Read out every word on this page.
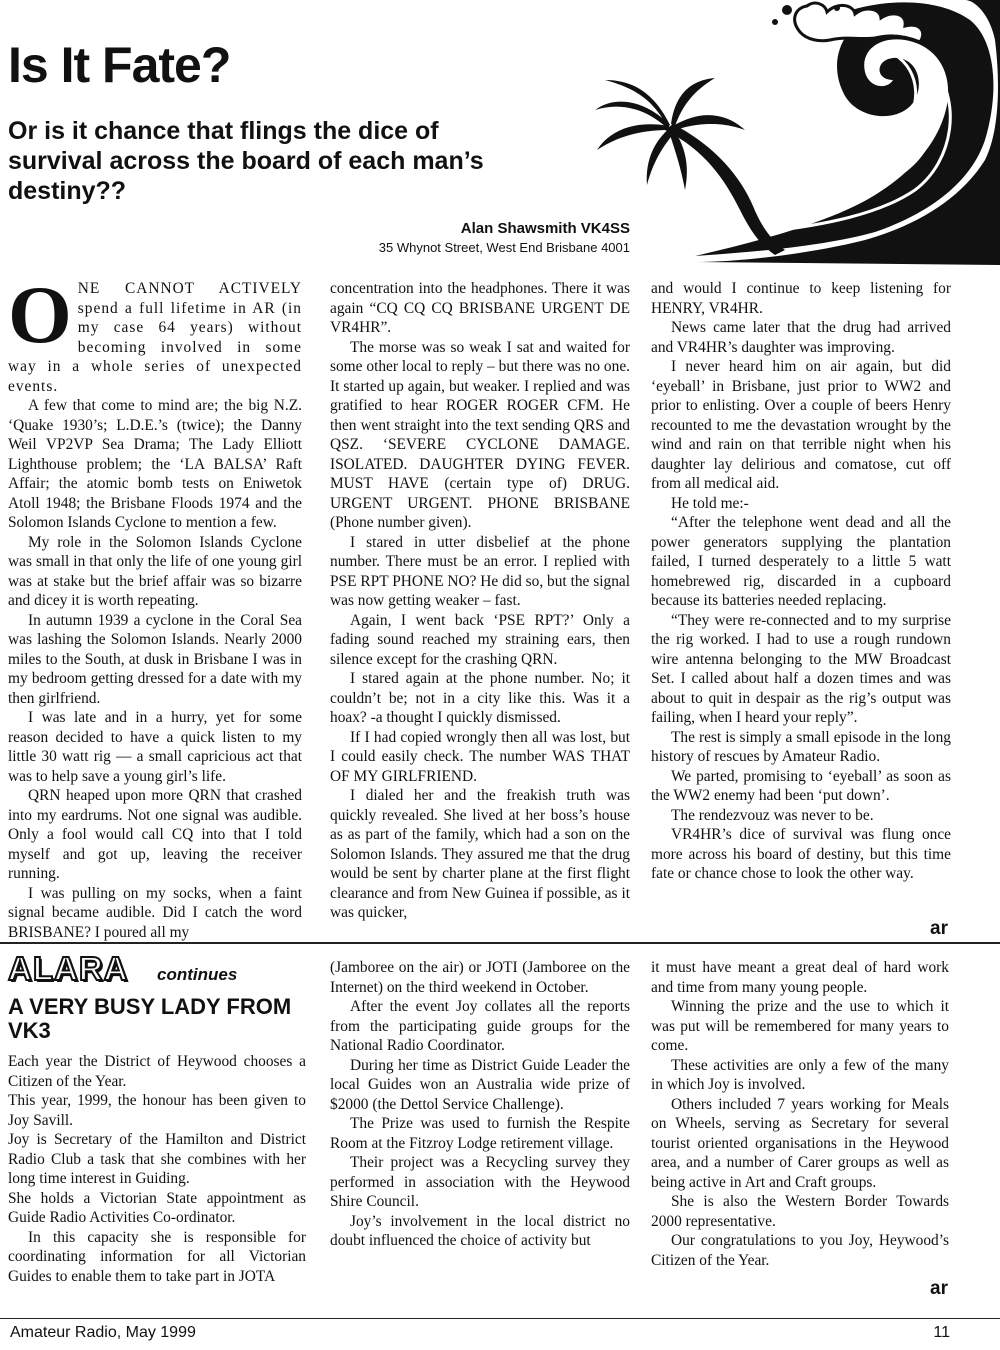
Is It Fate?
Or is it chance that flings the dice of survival across the board of each man’s destiny??
Alan Shawsmith VK4SS
35 Whynot Street, West End Brisbane 4001
O NE CANNOT ACTIVELY spend a full lifetime in AR (in my case 64 years) without becoming involved in some way in a whole series of unexpected events.

A few that come to mind are; the big N.Z. ‘Quake 1930’s; L.D.E.’s (twice); the Danny Weil VP2VP Sea Drama; The Lady Elliott Lighthouse problem; the ‘LA BALSA’ Raft Affair; the atomic bomb tests on Eniwetok Atoll 1948; the Brisbane Floods 1974 and the Solomon Islands Cyclone to mention a few.

My role in the Solomon Islands Cyclone was small in that only the life of one young girl was at stake but the brief affair was so bizarre and dicey it is worth repeating.

In autumn 1939 a cyclone in the Coral Sea was lashing the Solomon Islands. Nearly 2000 miles to the South, at dusk in Brisbane I was in my bedroom getting dressed for a date with my then girlfriend.

I was late and in a hurry, yet for some reason decided to have a quick listen to my little 30 watt rig — a small capricious act that was to help save a young girl’s life.

QRN heaped upon more QRN that crashed into my eardrums. Not one signal was audible. Only a fool would call CQ into that I told myself and got up, leaving the receiver running.

I was pulling on my socks, when a faint signal became audible. Did I catch the word BRISBANE? I poured all my

concentration into the headphones. There it was again “CQ CQ CQ BRISBANE URGENT DE VR4HR”.

The morse was so weak I sat and waited for some other local to reply – but there was no one. It started up again, but weaker. I replied and was gratified to hear ROGER ROGER CFM. He then went straight into the text sending QRS and QSZ. ‘SEVERE CYCLONE DAMAGE. ISOLATED. DAUGHTER DYING FEVER. MUST HAVE (certain type of) DRUG. URGENT URGENT. PHONE BRISBANE (Phone number given).

I stared in utter disbelief at the phone number. There must be an error. I replied with PSE RPT PHONE NO? He did so, but the signal was now getting weaker – fast.

Again, I went back ‘PSE RPT?’ Only a fading sound reached my straining ears, then silence except for the crashing QRN.

I stared again at the phone number. No; it couldn’t be; not in a city like this. Was it a hoax? -a thought I quickly dismissed.

If I had copied wrongly then all was lost, but I could easily check. The number WAS THAT OF MY GIRLFRIEND.

I dialed her and the freakish truth was quickly revealed. She lived at her boss’s house as as part of the family, which had a son on the Solomon Islands. They assured me that the drug would be sent by charter plane at the first flight clearance and from New Guinea if possible, as it was quicker,

and would I continue to keep listening for HENRY, VR4HR.

News came later that the drug had arrived and VR4HR’s daughter was improving.

I never heard him on air again, but did ‘eyeball’ in Brisbane, just prior to WW2 and prior to enlisting. Over a couple of beers Henry recounted to me the devastation wrought by the wind and rain on that terrible night when his daughter lay delirious and comatose, cut off from all medical aid.

He told me:-

“After the telephone went dead and all the power generators supplying the plantation failed, I turned desperately to a little 5 watt homebrewed rig, discarded in a cupboard because its batteries needed replacing.

“They were re-connected and to my surprise the rig worked. I had to use a rough rundown wire antenna belonging to the MW Broadcast Set. I called about half a dozen times and was about to quit in despair as the rig’s output was failing, when I heard your reply”.

The rest is simply a small episode in the long history of rescues by Amateur Radio.

We parted, promising to ‘eyeball’ as soon as the WW2 enemy had been ‘put down’.

The rendezvouz was never to be.

VR4HR’s dice of survival was flung once more across his board of destiny, but this time fate or chance chose to look the other way.

ar
ALARA continues
A VERY BUSY LADY FROM VK3

Each year the District of Heywood chooses a Citizen of the Year.

This year, 1999, the honour has been given to Joy Savill.

Joy is Secretary of the Hamilton and District Radio Club a task that she combines with her long time interest in Guiding.

She holds a Victorian State appointment as Guide Radio Activities Co-ordinator.

In this capacity she is responsible for coordinating information for all Victorian Guides to enable them to take part in JOTA

(Jamboree on the air) or JOTI (Jamboree on the Internet) on the third weekend in October.

After the event Joy collates all the reports from the participating guide groups for the National Radio Coordinator.

During her time as District Guide Leader the local Guides won an Australia wide prize of $2000 (the Dettol Service Challenge).

The Prize was used to furnish the Respite Room at the Fitzroy Lodge retirement village.

Their project was a Recycling survey they performed in association with the Heywood Shire Council.

Joy’s involvement in the local district no doubt influenced the choice of activity but

it must have meant a great deal of hard work and time from many young people.

Winning the prize and the use to which it was put will be remembered for many years to come.

These activities are only a few of the many in which Joy is involved.

Others included 7 years working for Meals on Wheels, serving as Secretary for several tourist oriented organisations in the Heywood area, and a number of Carer groups as well as being active in Art and Craft groups.

She is also the Western Border Towards 2000 representative.

Our congratulations to you Joy, Heywood’s Citizen of the Year.

ar
Amateur Radio, May 1999	11
